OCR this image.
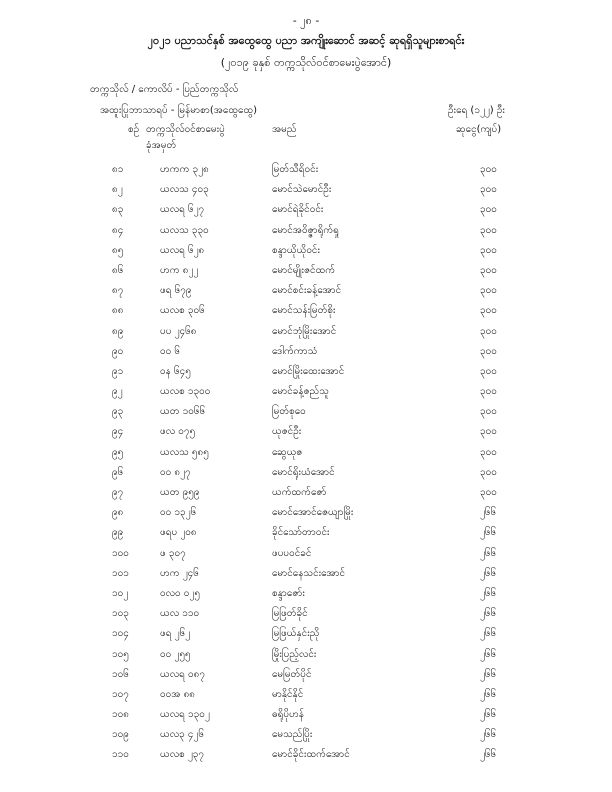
- ၂၈ -
၂၀၂၁ ပညာသင်နှစ် အထွေထွေ ပညာ အကျိုးဆောင် အဆင့် ဆုရရှိသူများစာရင်း
(၂၀၁၉ ခုနှစ် တက္ကသိုလ်ဝင်စာမေးပွဲအောင်)
တက္ကသိုလ် / ကောလိပ် - ပြည်တက္ကသိုလ်
အထူးပြုဘာသာရပ် - မြန်မာစာ(အထွေထွေ)	ဦးရေ (၁၂၂) ဦး
စဉ် တက္ကသိုလ်ဝင်စာမေးပွဲ
ခုံအမှတ်
အမည်	ဆုငွေ(ကျပ်)
၈၁	ဟကက ၃၂၈	မြတ်သီရိဝင်း	၃၀၀
၈၂	ယလသ ၄၀၃	မောင်သဲမောင်ဦး	၃၀၀
၈၃	ယလရ ၆၂၇	မောင်ရဲခိုင်ဝင်း	၃၀၀
၈၄	ယလသ ၃၃၀	မောင်အဝိဇ္ဇာရိုက်ရှု	၃၀၀
၈၅	ယလရ ၆၂၈	စန္ဒာယိုယိုဝင်း	၃၀၀
၈၆	ဟက ၈၂၂	မောင်မျိုးဇင်ထက်	၃၀၀
၈၇	ဖရ ၆၇၉	မောင်စင်းခန့်အောင်	၃၀၀
၈၈	ယလစ ၃၀၆	မောင်သန်းမြတ်စိုး	၃၀၀
၈၉	ပပ ၂၄၆၈	မောင်ဘုံမြိုးအောင်	၃၀၀
၉၀	ဝဝ ၆	ဒေါက်ကာသံ	၃၀၀
၉၁	ဝန ၆၄၅	မောင်မြိုးထေးအောင်	၃၀၀
၉၂	ယလစ ၁၃၀၀	မောင်ခန့်ဇည်သူ	၃၀၀
၉၃	ယတ ၁၀၆၆	မြတ်စုဝေ	၃၀၀
၉၄	ဖလ ၀၇၅	ယုဇင်ဦး	၃၀၀
၉၅	ယလသ ၅၈၅	ဆွေယုဇ	၃၀၀
၉၆	ဝဝ ၈၂၇	မောင်ရိုးယံအောင်	၃၀၀
၉၇	ယတ ၉၅၉	ယက်ထက်ဇော်	၃၀၀
၉၈	ဝဝ ၁၃၂၆	မောင်အောင်ဇေယျာမြိုး	၂၆၆
၉၉	ဖရပ ၂၀၈	ခိုင်သော်တာဝင်း	၂၆၆
၁၀၀	ဖ ၃၀၇	ဖပပဝင်ခင်	၂၆၆
၁၀၁	ဟက ၂၄၆	မောင်နေသင်းအောင်	၂၆၆
၁၀၂	ဝလဝ ၀၂၅	စန္ဒာဇော်း	၂၆၆
၁၀၃	ယလ ၁၁၀	မြဖြတ်ခိုင်	၂၆၆
၁၀၄	ဖရ ၂၆၂	မြဖြယ်နှင်းညို	၂၆၆
၁၀၅	ဝဝ ၂၅၅	မြိုးပြည့်လင်း	၂၆၆
၁၀၆	ယလရ ၀၈၇	မေမြတ်ပိုင်	၂၆၆
၁၀၇	ဝဝအ ၈၈	မာနိုင်နိုင်	၂၆၆
၁၀၈	ယလရ ၁၃၀၂	ဓရိုပိုဟန်	၂၆၆
၁၀၉	ယလ၃ ၄၂၆	မေသည်ပြိုး	၂၆၆
၁၁၀	ယလစ ၂၃၇	မောင်ခိုင်းထက်အောင်	၂၆၆
